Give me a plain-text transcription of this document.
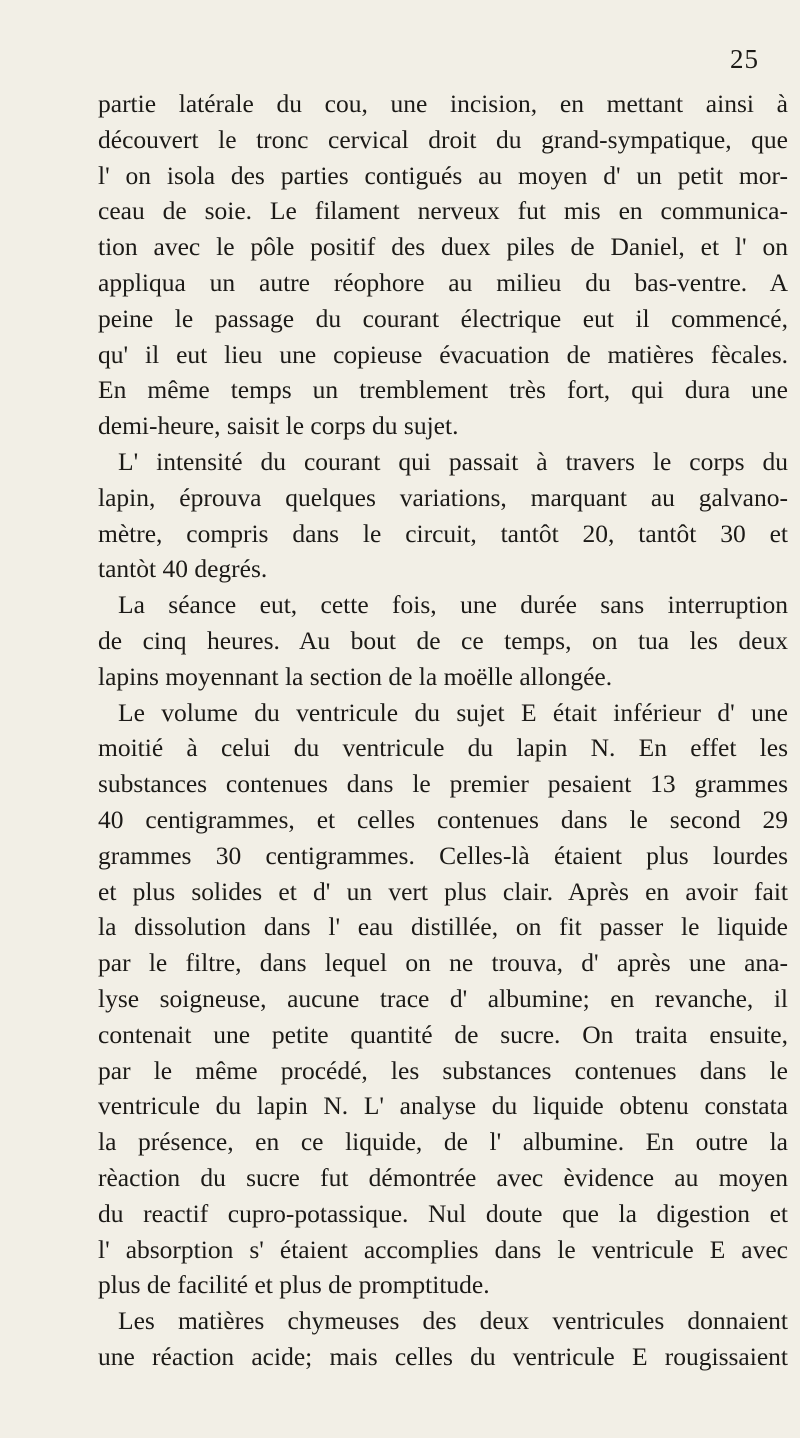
25
partie latérale du cou, une incision, en mettant ainsi à
découvert le tronc cervical droit du grand-sympatique, que
l' on isola des parties contigués au moyen d' un petit mor-
ceau de soie. Le filament nerveux fut mis en communica-
tion avec le pôle positif des duex piles de Daniel, et l' on
appliqua un autre réophore au milieu du bas-ventre. A
peine le passage du courant électrique eut il commencé,
qu' il eut lieu une copieuse évacuation de matières fècales.
En même temps un tremblement très fort, qui dura une
demi-heure, saisit le corps du sujet.
L' intensité du courant qui passait à travers le corps du
lapin, éprouva quelques variations, marquant au galvano-
mètre, compris dans le circuit, tantôt 20, tantôt 30 et
tantòt 40 degrés.
La séance eut, cette fois, une durée sans interruption
de cinq heures. Au bout de ce temps, on tua les deux
lapins moyennant la section de la moëlle allongée.
Le volume du ventricule du sujet E était inférieur d' une
moitié à celui du ventricule du lapin N. En effet les
substances contenues dans le premier pesaient 13 grammes
40 centigrammes, et celles contenues dans le second 29
grammes 30 centigrammes. Celles-là étaient plus lourdes
et plus solides et d' un vert plus clair. Après en avoir fait
la dissolution dans l' eau distillée, on fit passer le liquide
par le filtre, dans lequel on ne trouva, d' après une ana-
lyse soigneuse, aucune trace d' albumine; en revanche, il
contenait une petite quantité de sucre. On traita ensuite,
par le même procédé, les substances contenues dans le
ventricule du lapin N. L' analyse du liquide obtenu constata
la présence, en ce liquide, de l' albumine. En outre la
rèaction du sucre fut démontrée avec èvidence au moyen
du reactif cupro-potassique. Nul doute que la digestion et
l' absorption s' étaient accomplies dans le ventricule E avec
plus de facilité et plus de promptitude.
Les matières chymeuses des deux ventricules donnaient
une réaction acide; mais celles du ventricule E rougissaient
